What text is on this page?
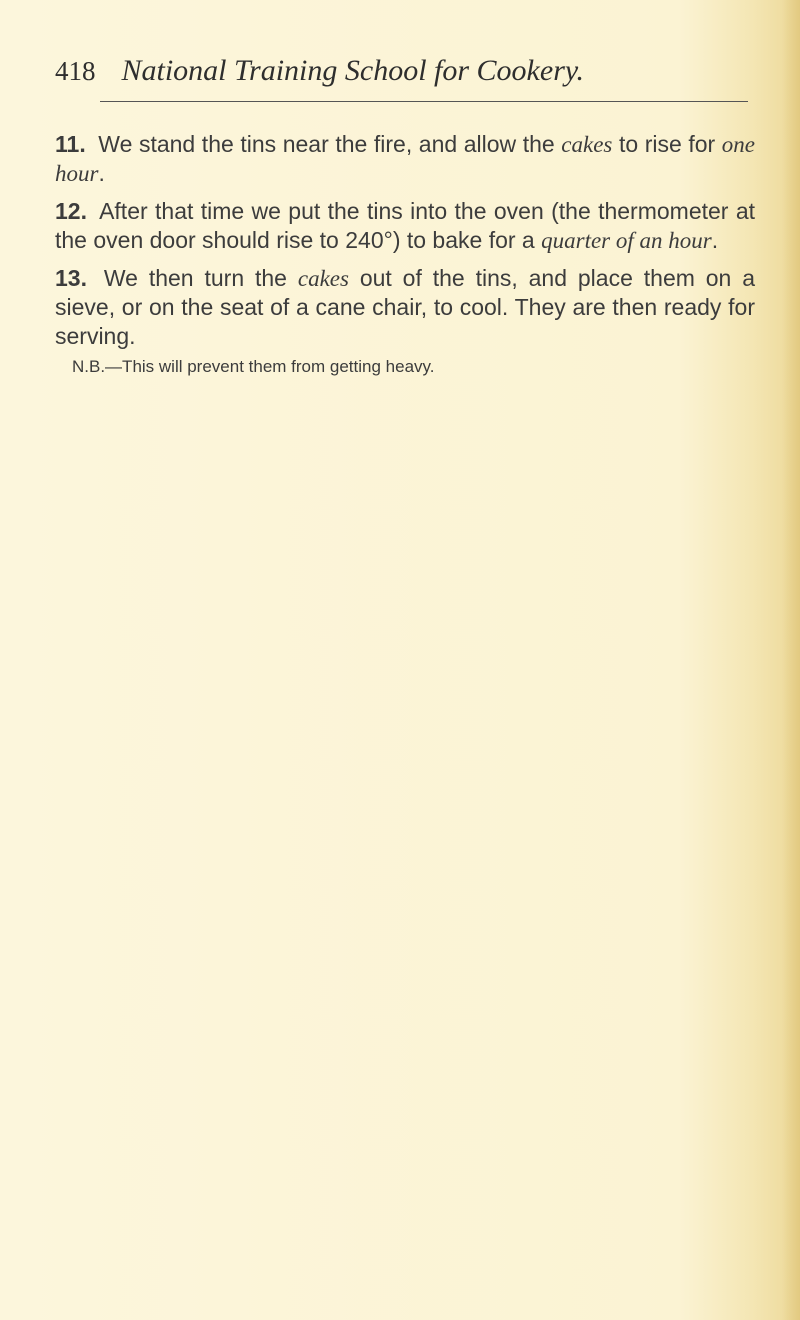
418 National Training School for Cookery.

11. We stand the tins near the fire, and allow the cakes to rise for one hour.

12. After that time we put the tins into the oven (the thermometer at the oven door should rise to 240°) to bake for a quarter of an hour.

13. We then turn the cakes out of the tins, and place them on a sieve, or on the seat of a cane chair, to cool. They are then ready for serving.

N.B.—This will prevent them from getting heavy.
